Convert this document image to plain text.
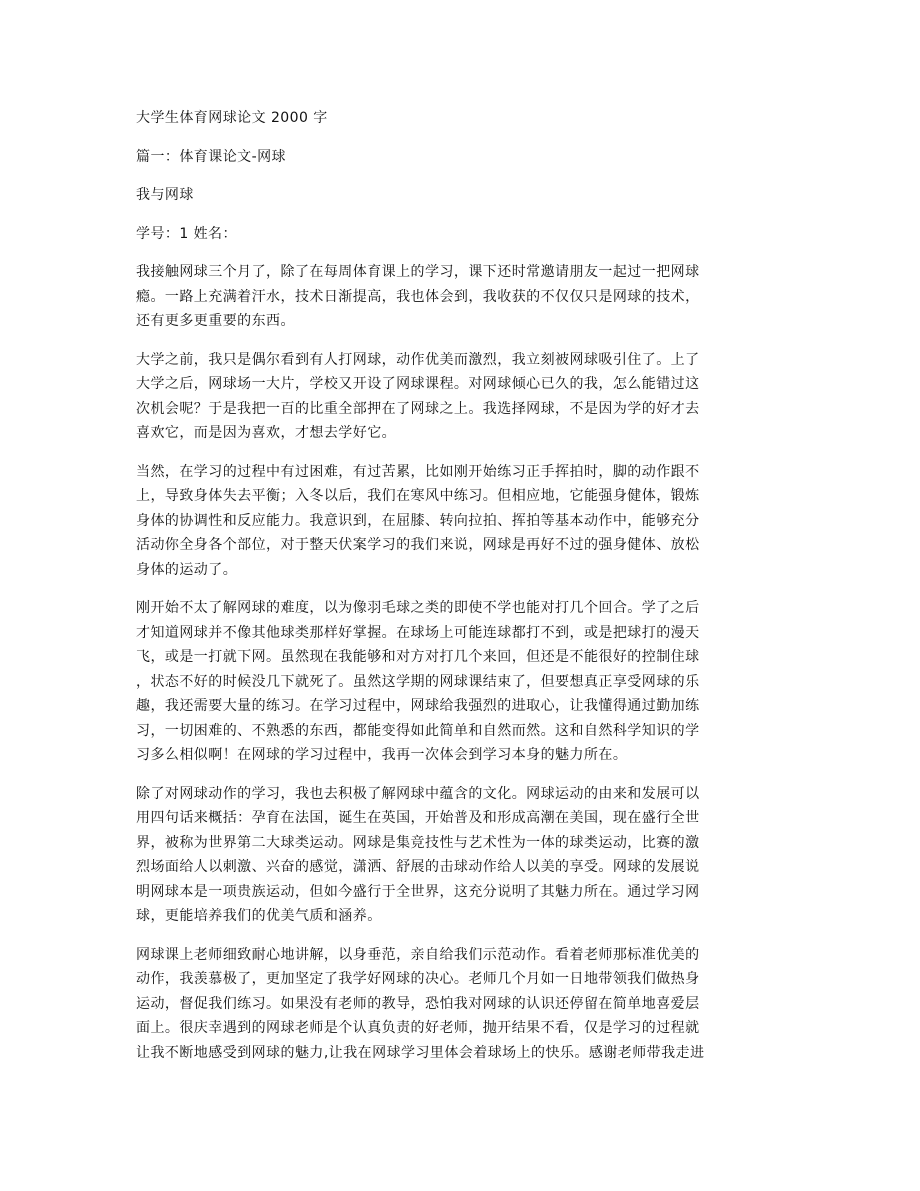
大学生体育网球论文 2000 字
篇一：体育课论文-网球
我与网球
学号：1 姓名：
我接触网球三个月了，除了在每周体育课上的学习，课下还时常邀请朋友一起过一把网球
瘾。一路上充满着汗水，技术日渐提高，我也体会到，我收获的不仅仅只是网球的技术，
还有更多更重要的东西。
大学之前，我只是偶尔看到有人打网球，动作优美而激烈，我立刻被网球吸引住了。上了
大学之后，网球场一大片，学校又开设了网球课程。对网球倾心已久的我，怎么能错过这
次机会呢？于是我把一百的比重全部押在了网球之上。我选择网球，不是因为学的好才去
喜欢它，而是因为喜欢，才想去学好它。
当然，在学习的过程中有过困难，有过苦累，比如刚开始练习正手挥拍时，脚的动作跟不
上，导致身体失去平衡；入冬以后，我们在寒风中练习。但相应地，它能强身健体，锻炼
身体的协调性和反应能力。我意识到，在屈膝、转向拉拍、挥拍等基本动作中，能够充分
活动你全身各个部位，对于整天伏案学习的我们来说，网球是再好不过的强身健体、放松
身体的运动了。
刚开始不太了解网球的难度，以为像羽毛球之类的即使不学也能对打几个回合。学了之后
才知道网球并不像其他球类那样好掌握。在球场上可能连球都打不到，或是把球打的漫天
飞，或是一打就下网。虽然现在我能够和对方对打几个来回，但还是不能很好的控制住球
，状态不好的时候没几下就死了。虽然这学期的网球课结束了，但要想真正享受网球的乐
趣，我还需要大量的练习。在学习过程中，网球给我强烈的进取心，让我懂得通过勤加练
习，一切困难的、不熟悉的东西，都能变得如此简单和自然而然。这和自然科学知识的学
习多么相似啊！在网球的学习过程中，我再一次体会到学习本身的魅力所在。
除了对网球动作的学习，我也去积极了解网球中蕴含的文化。网球运动的由来和发展可以
用四句话来概括：孕育在法国，诞生在英国，开始普及和形成高潮在美国，现在盛行全世
界，被称为世界第二大球类运动。网球是集竞技性与艺术性为一体的球类运动，比赛的激
烈场面给人以刺激、兴奋的感觉，潇洒、舒展的击球动作给人以美的享受。网球的发展说
明网球本是一项贵族运动，但如今盛行于全世界，这充分说明了其魅力所在。通过学习网
球，更能培养我们的优美气质和涵养。
网球课上老师细致耐心地讲解，以身垂范，亲自给我们示范动作。看着老师那标准优美的
动作，我羡慕极了，更加坚定了我学好网球的决心。老师几个月如一日地带领我们做热身
运动，督促我们练习。如果没有老师的教导，恐怕我对网球的认识还停留在简单地喜爱层
面上。很庆幸遇到的网球老师是个认真负责的好老师，抛开结果不看，仅是学习的过程就
让我不断地感受到网球的魅力,让我在网球学习里体会着球场上的快乐。感谢老师带我走进
